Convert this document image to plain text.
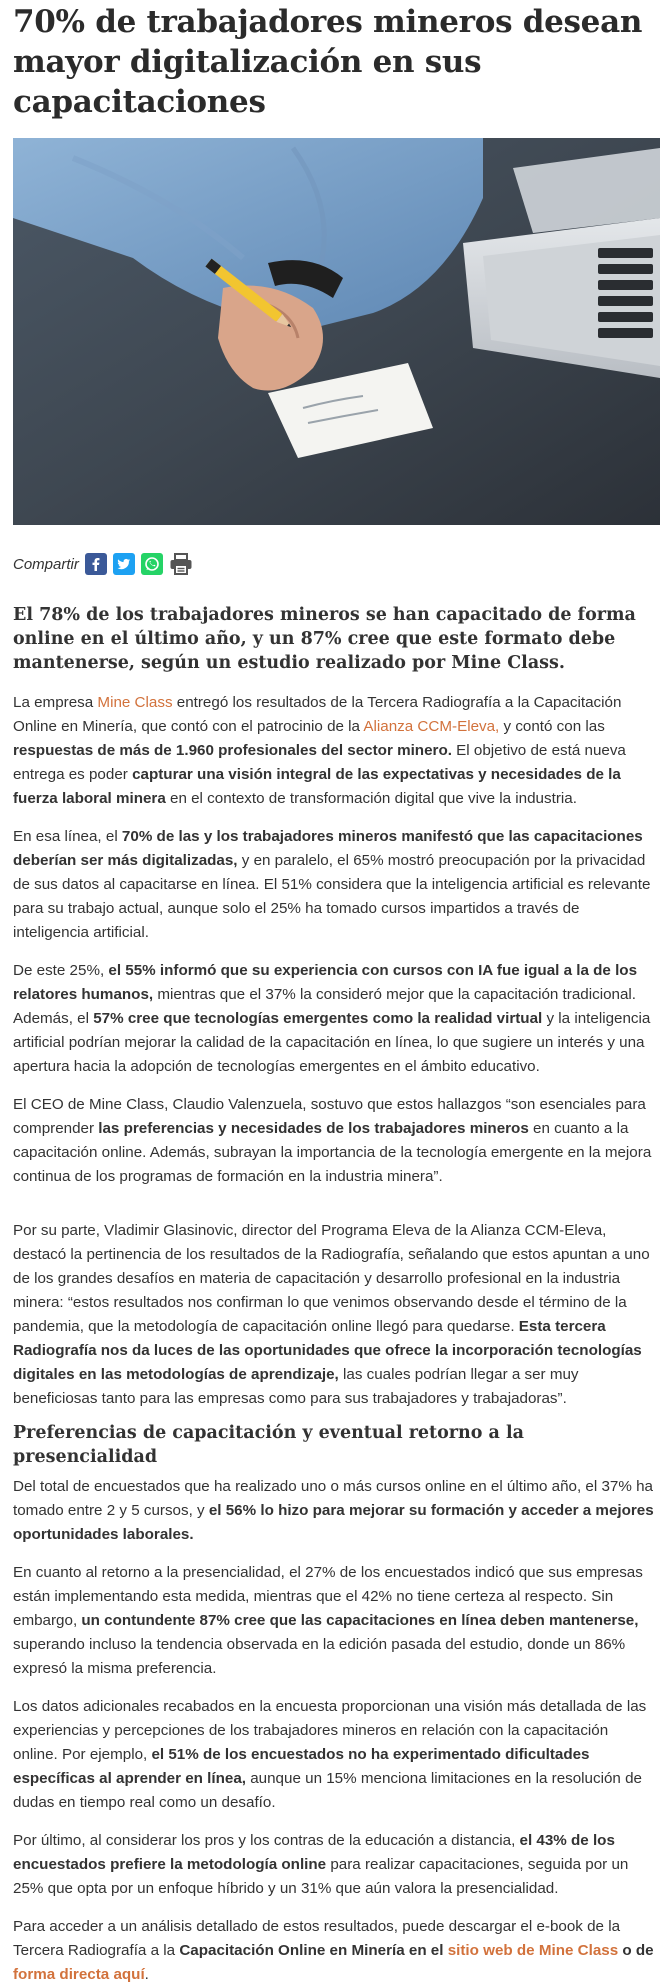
70% de trabajadores mineros desean mayor digitalización en sus capacitaciones
Compartir
El 78% de los trabajadores mineros se han capacitado de forma online en el último año, y un 87% cree que este formato debe mantenerse, según un estudio realizado por Mine Class.

La empresa Mine Class entregó los resultados de la Tercera Radiografía a la Capacitación Online en Minería, que contó con el patrocinio de la Alianza CCM-Eleva, y contó con las respuestas de más de 1.960 profesionales del sector minero. El objetivo de está nueva entrega es poder capturar una visión integral de las expectativas y necesidades de la fuerza laboral minera en el contexto de transformación digital que vive la industria.

En esa línea, el 70% de las y los trabajadores mineros manifestó que las capacitaciones deberían ser más digitalizadas, y en paralelo, el 65% mostró preocupación por la privacidad de sus datos al capacitarse en línea. El 51% considera que la inteligencia artificial es relevante para su trabajo actual, aunque solo el 25% ha tomado cursos impartidos a través de inteligencia artificial.

De este 25%, el 55% informó que su experiencia con cursos con IA fue igual a la de los relatores humanos, mientras que el 37% la consideró mejor que la capacitación tradicional. Además, el 57% cree que tecnologías emergentes como la realidad virtual y la inteligencia artificial podrían mejorar la calidad de la capacitación en línea, lo que sugiere un interés y una apertura hacia la adopción de tecnologías emergentes en el ámbito educativo.

El CEO de Mine Class, Claudio Valenzuela, sostuvo que estos hallazgos “son esenciales para comprender las preferencias y necesidades de los trabajadores mineros en cuanto a la capacitación online. Además, subrayan la importancia de la tecnología emergente en la mejora continua de los programas de formación en la industria minera”.

Por su parte, Vladimir Glasinovic, director del Programa Eleva de la Alianza CCM-Eleva, destacó la pertinencia de los resultados de la Radiografía, señalando que estos apuntan a uno de los grandes desafíos en materia de capacitación y desarrollo profesional en la industria minera: “estos resultados nos confirman lo que venimos observando desde el término de la pandemia, que la metodología de capacitación online llegó para quedarse. Esta tercera Radiografía nos da luces de las oportunidades que ofrece la incorporación tecnologías digitales en las metodologías de aprendizaje, las cuales podrían llegar a ser muy beneficiosas tanto para las empresas como para sus trabajadores y trabajadoras”.

Preferencias de capacitación y eventual retorno a la presencialidad

Del total de encuestados que ha realizado uno o más cursos online en el último año, el 37% ha tomado entre 2 y 5 cursos, y el 56% lo hizo para mejorar su formación y acceder a mejores oportunidades laborales.

En cuanto al retorno a la presencialidad, el 27% de los encuestados indicó que sus empresas están implementando esta medida, mientras que el 42% no tiene certeza al respecto. Sin embargo, un contundente 87% cree que las capacitaciones en línea deben mantenerse, superando incluso la tendencia observada en la edición pasada del estudio, donde un 86% expresó la misma preferencia.

Los datos adicionales recabados en la encuesta proporcionan una visión más detallada de las experiencias y percepciones de los trabajadores mineros en relación con la capacitación online. Por ejemplo, el 51% de los encuestados no ha experimentado dificultades específicas al aprender en línea, aunque un 15% menciona limitaciones en la resolución de dudas en tiempo real como un desafío.

Por último, al considerar los pros y los contras de la educación a distancia, el 43% de los encuestados prefiere la metodología online para realizar capacitaciones, seguida por un 25% que opta por un enfoque híbrido y un 31% que aún valora la presencialidad.

Para acceder a un análisis detallado de estos resultados, puede descargar el e-book de la Tercera Radiografía a la Capacitación Online en Minería en el sitio web de Mine Class o de forma directa aquí.
